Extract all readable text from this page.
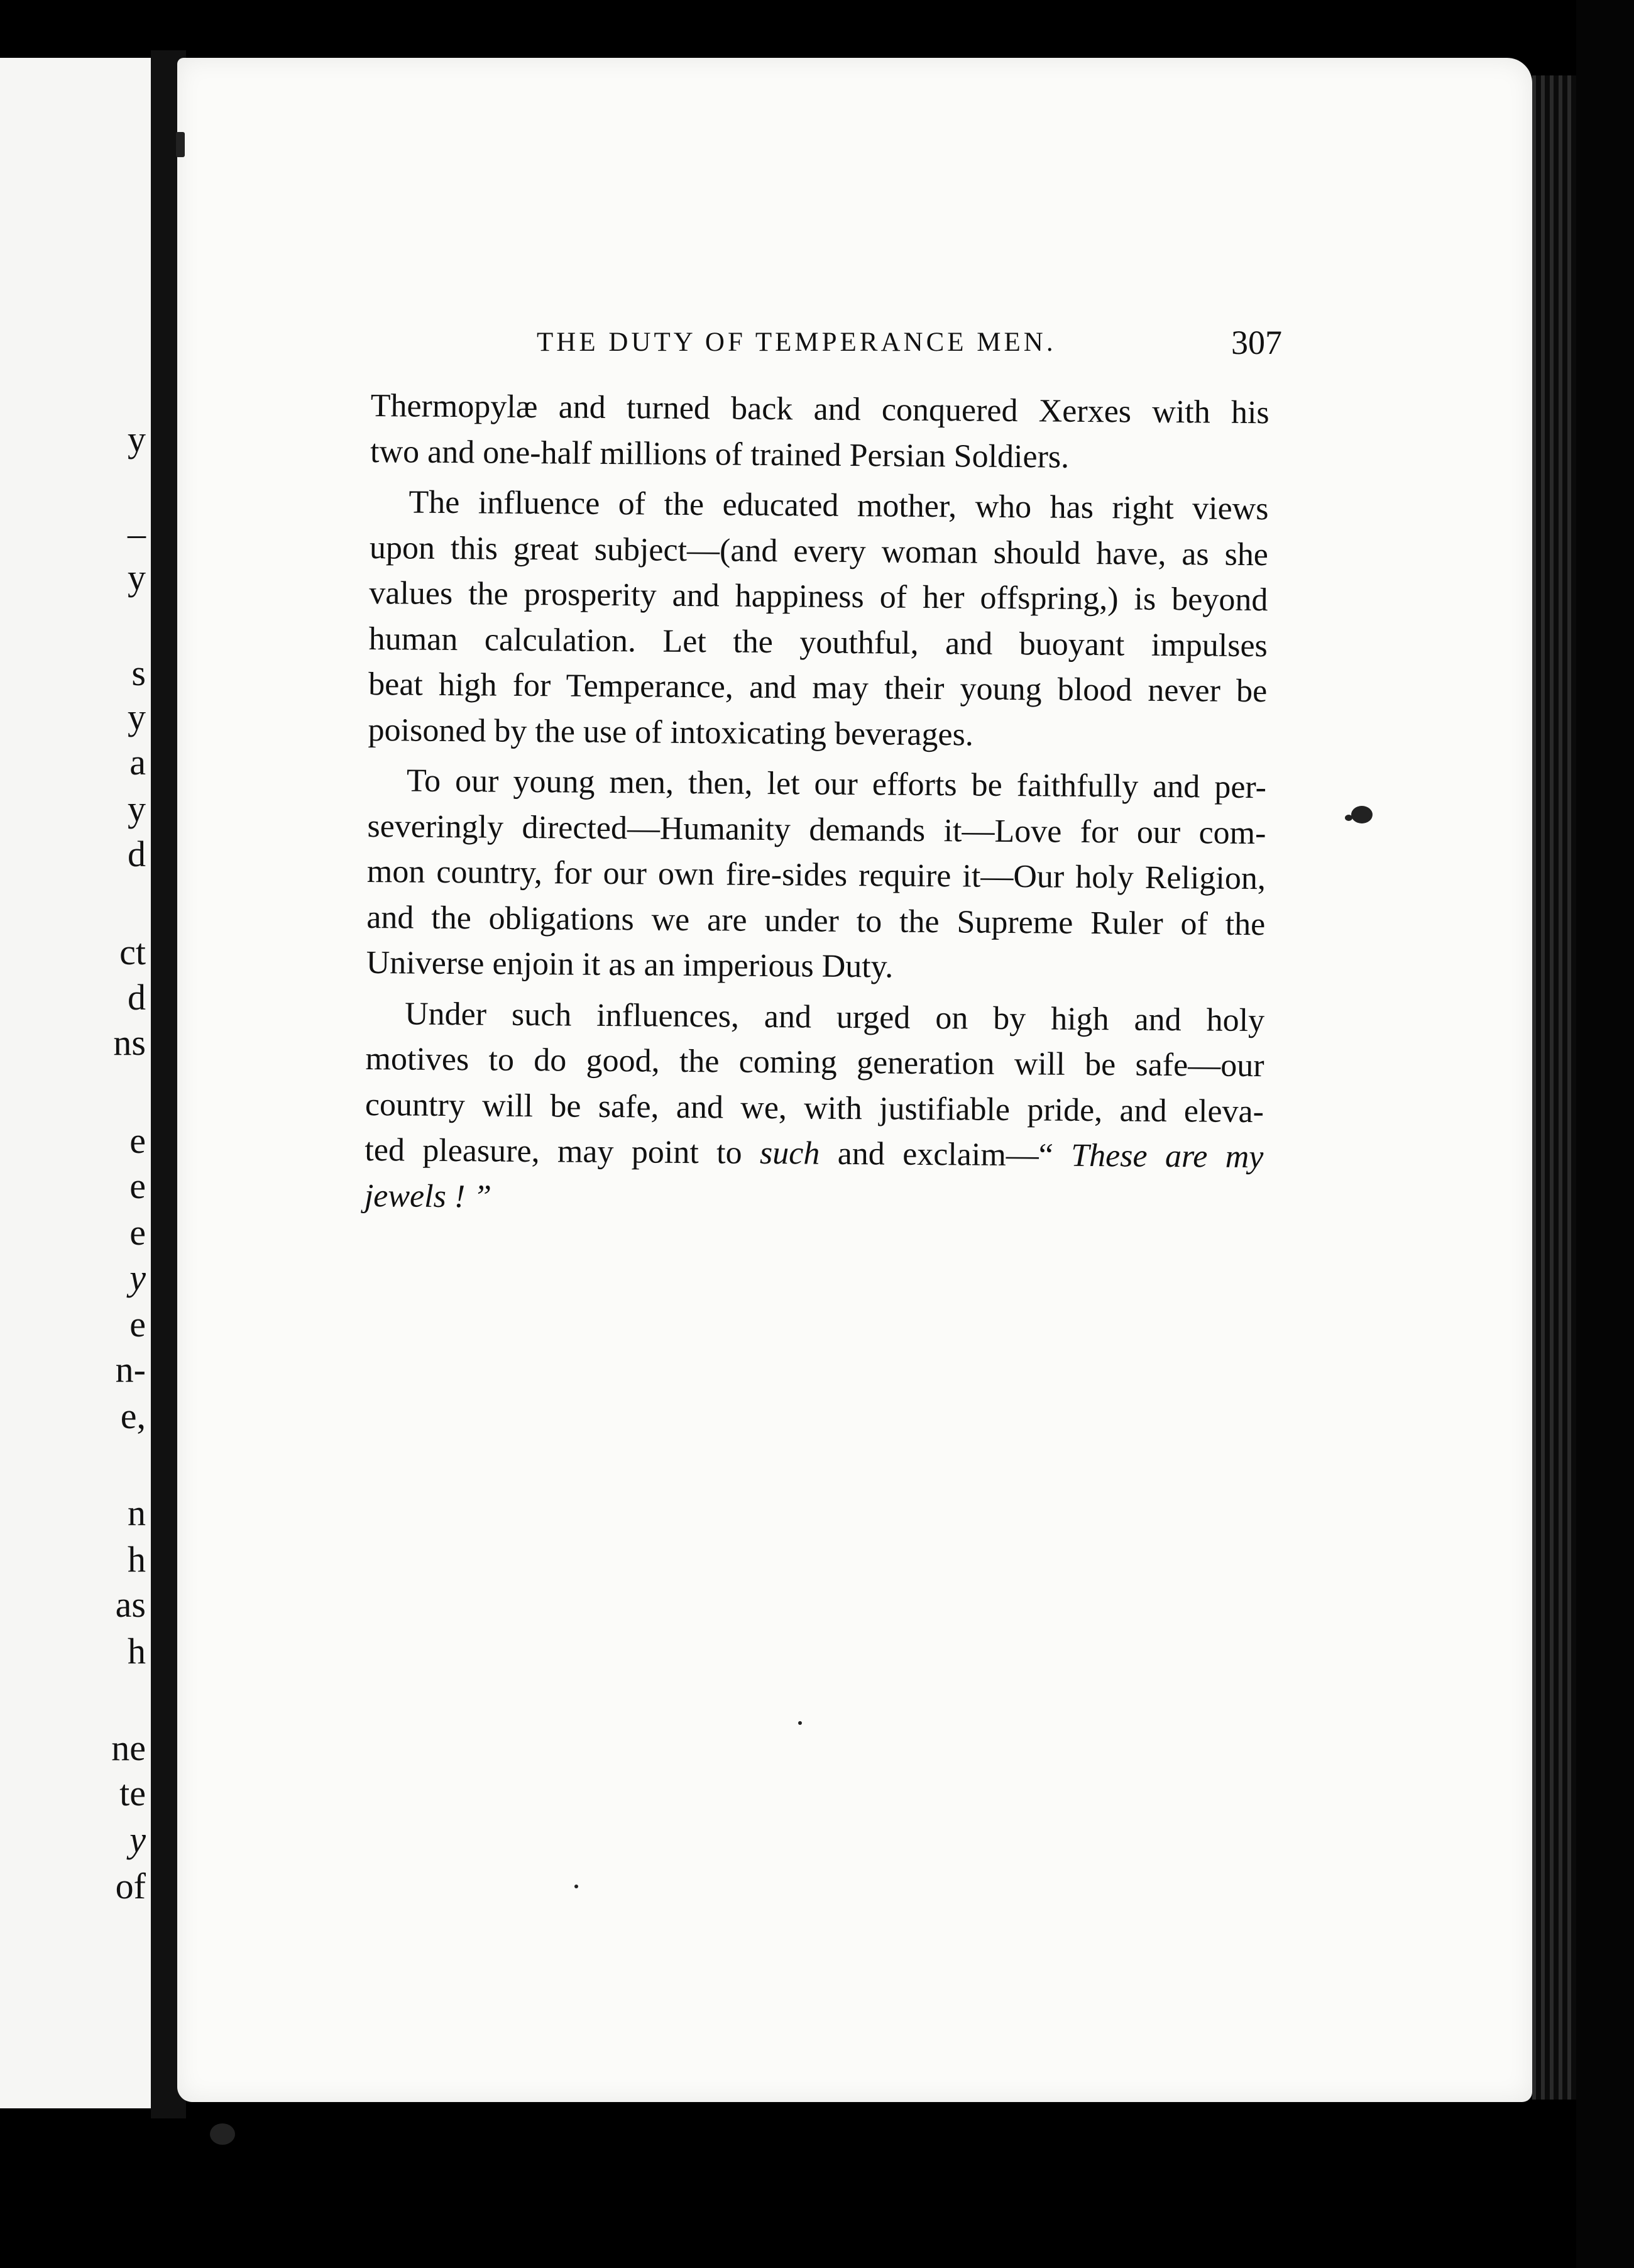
y
–
y
s
y
a
y
d
ct
d
ns
e
e
e
y
e
n-
e,
n
h
as
h
ne
te
y
of
THE DUTY OF TEMPERANCE MEN.	307
Thermopylæ and turned back and conquered Xerxes with his
two and one-half millions of trained Persian Soldiers.
The influence of the educated mother, who has right views
upon this great subject—(and every woman should have, as she
values the prosperity and happiness of her offspring,) is beyond
human calculation. Let the youthful, and buoyant impulses
beat high for Temperance, and may their young blood never be
poisoned by the use of intoxicating beverages.
To our young men, then, let our efforts be faithfully and per-
severingly directed—Humanity demands it—Love for our com-
mon country, for our own fire-sides require it—Our holy Religion,
and the obligations we are under to the Supreme Ruler of the
Universe enjoin it as an imperious Duty.
Under such influences, and urged on by high and holy
motives to do good, the coming generation will be safe—our
country will be safe, and we, with justifiable pride, and eleva-
ted pleasure, may point to such and exclaim—“ These are my
jewels ! ”
